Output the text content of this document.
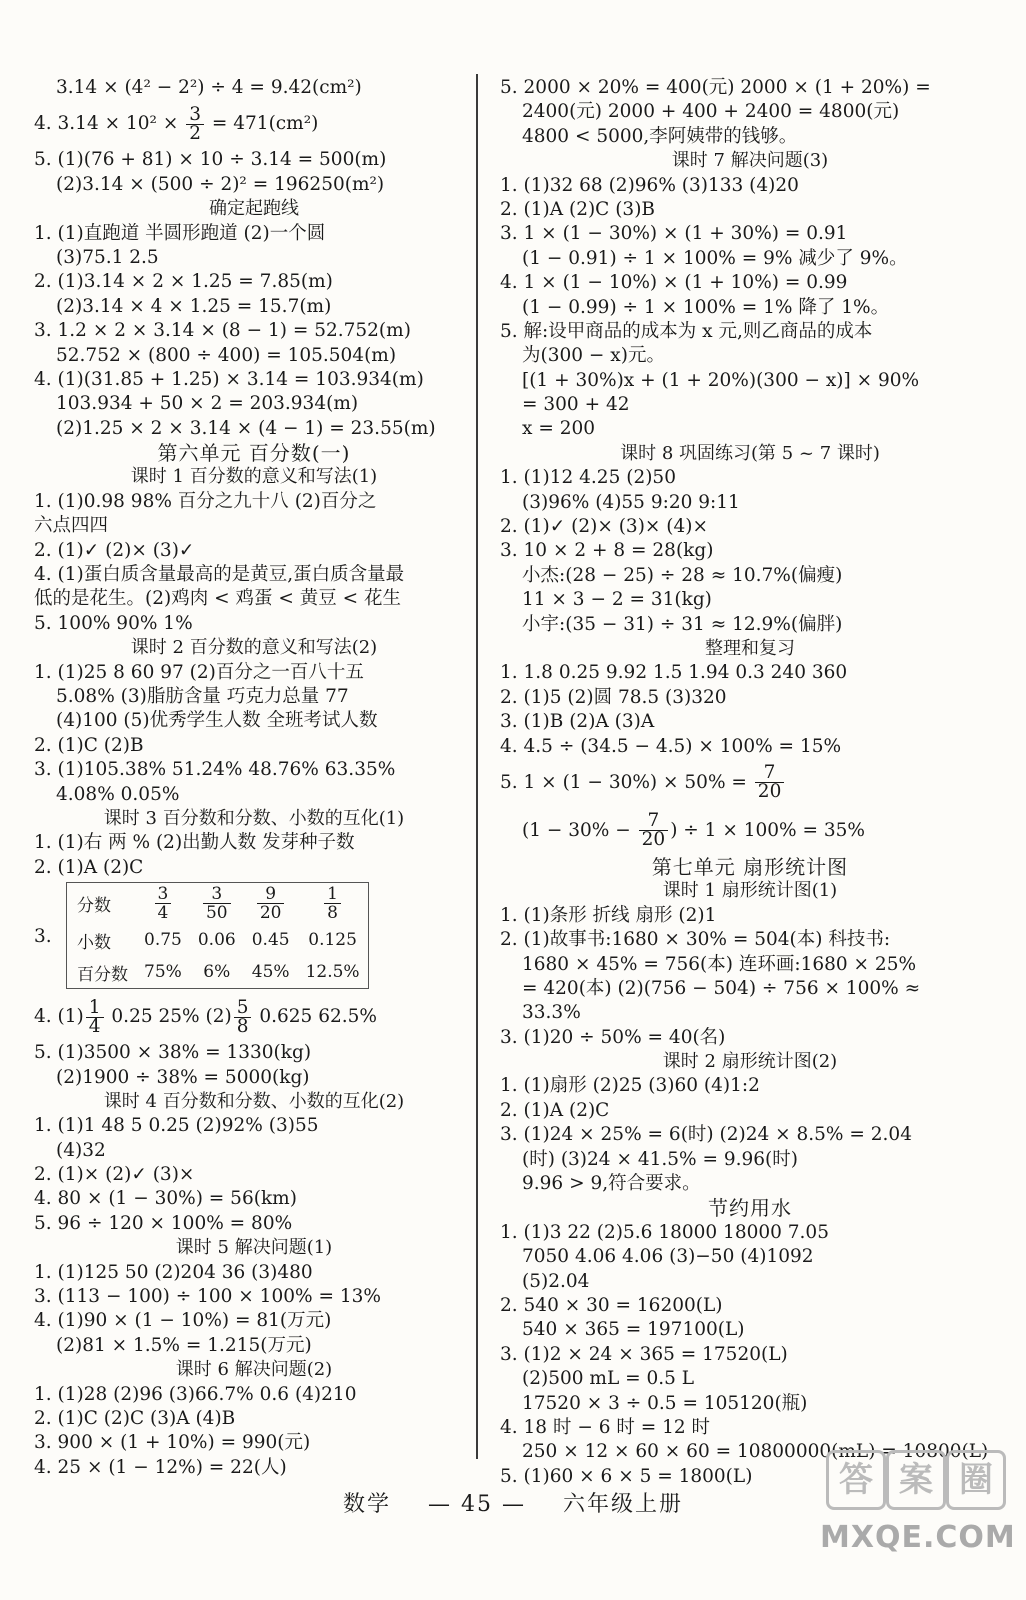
3.14 × (4² − 2²) ÷ 4 = 9.42(cm²)
4. $3.14 \times 10^2 \times \frac{3}{2} = 471(cm^2)$
5. (1)(76 + 81) × 10 ÷ 3.14 = 500(m)
(2)3.14 × (500 ÷ 2)² = 196250(m²)
确定起跑线
1. (1)直跑道 半圆形跑道 (2)一个圆
(3)75.1 2.5
2. (1)3.14 × 2 × 1.25 = 7.85(m)
(2)3.14 × 4 × 1.25 = 15.7(m)
3. 1.2 × 2 × 3.14 × (8 − 1) = 52.752(m)
52.752 × (800 ÷ 400) = 105.504(m)
4. (1)(31.85 + 1.25) × 3.14 = 103.934(m)
103.934 + 50 × 2 = 203.934(m)
(2)1.25 × 2 × 3.14 × (4 − 1) = 23.55(m)
第六单元 百分数(一)
课时 1 百分数的意义和写法(1)
1. (1)0.98 98% 百分之九十八 (2)百分之
六点四四
2. (1)✓ (2)× (3)✓
4. (1)蛋白质含量最高的是黄豆,蛋白质含量最
低的是花生。(2)鸡肉 < 鸡蛋 < 黄豆 < 花生
5. 100% 90% 1%
课时 2 百分数的意义和写法(2)
1. (1)25 8 60 97 (2)百分之一百八十五
5.08% (3)脂肪含量 巧克力总量 77
(4)100 (5)优秀学生人数 全班考试人数
2. (1)C (2)B
3. (1)105.38% 51.24% 48.76% 63.35%
4.08% 0.05%
课时 3 百分数和分数、小数的互化(1)
1. (1)右 两 % (2)出勤人数 发芽种子数
2. (1)A (2)C
3.
分数	$\frac{3}{4}$	$\frac{3}{50}$	$\frac{9}{20}$	$\frac{1}{8}$

小数	0.75	0.06	0.45	0.125
百分数	75%	6%	45%	12.5%
4. $(1) \frac{1}{4} 0.25$ 25% $(2) \frac{5}{8} 0.625$ 62.5%
5. (1)3500 × 38% = 1330(kg)
(2)1900 ÷ 38% = 5000(kg)
课时 4 百分数和分数、小数的互化(2)
1. (1)1 48 5 0.25 (2)92% (3)55
(4)32
2. (1)× (2)✓ (3)×
4. 80 × (1 − 30%) = 56(km)
5. 96 ÷ 120 × 100% = 80%
课时 5 解决问题(1)
1. (1)125 50 (2)204 36 (3)480
3. (113 − 100) ÷ 100 × 100% = 13%
4. (1)90 × (1 − 10%) = 81(万元)
(2)81 × 1.5% = 1.215(万元)
课时 6 解决问题(2)
1. (1)28 (2)96 (3)66.7% 0.6 (4)210
2. (1)C (2)C (3)A (4)B
3. 900 × (1 + 10%) = 990(元)
4. 25 × (1 − 12%) = 22(人)
5. 2000 × 20% = 400(元) 2000 × (1 + 20%) =
2400(元) 2000 + 400 + 2400 = 4800(元)
4800 < 5000,李阿姨带的钱够。
课时 7 解决问题(3)
1. (1)32 68 (2)96% (3)133 (4)20
2. (1)A (2)C (3)B
3. 1 × (1 − 30%) × (1 + 30%) = 0.91
(1 − 0.91) ÷ 1 × 100% = 9% 减少了 9%。
4. 1 × (1 − 10%) × (1 + 10%) = 0.99
(1 − 0.99) ÷ 1 × 100% = 1% 降了 1%。
5. 解:设甲商品的成本为 x 元,则乙商品的成本
为(300 − x)元。
[(1 + 30%)x + (1 + 20%)(300 − x)] × 90%
= 300 + 42
x = 200
课时 8 巩固练习(第 5 ~ 7 课时)
1. (1)12 4.25 (2)50
(3)96% (4)55 9:20 9:11
2. (1)✓ (2)× (3)× (4)×
3. 10 × 2 + 8 = 28(kg)
小杰:(28 − 25) ÷ 28 ≈ 10.7%(偏瘦)
11 × 3 − 2 = 31(kg)
小宇:(35 − 31) ÷ 31 ≈ 12.9%(偏胖)
整理和复习
1. 1.8 0.25 9.92 1.5 1.94 0.3 240 360
2. (1)5 (2)圆 78.5 (3)320
3. (1)B (2)A (3)A
4. 4.5 ÷ (34.5 − 4.5) × 100% = 15%
5. $1 \times (1 - 30\%) \times 50\% = \frac{7}{20}$
($1 - 30\% - \frac{7}{20}$ ) ÷ 1 × 100% = 35%
第七单元 扇形统计图
课时 1 扇形统计图(1)
1. (1)条形 折线 扇形 (2)1
2. (1)故事书:1680 × 30% = 504(本) 科技书:
1680 × 45% = 756(本) 连环画:1680 × 25%
= 420(本) (2)(756 − 504) ÷ 756 × 100% ≈
33.3%
3. (1)20 ÷ 50% = 40(名)
课时 2 扇形统计图(2)
1. (1)扇形 (2)25 (3)60 (4)1:2
2. (1)A (2)C
3. (1)24 × 25% = 6(时) (2)24 × 8.5% = 2.04
(时) (3)24 × 41.5% = 9.96(时)
9.96 > 9,符合要求。
节约用水
1. (1)3 22 (2)5.6 18000 18000 7.05
7050 4.06 4.06 (3)−50 (4)1092
(5)2.04
2. 540 × 30 = 16200(L)
540 × 365 = 197100(L)
3. (1)2 × 24 × 365 = 17520(L)
(2)500 mL = 0.5 L
17520 × 3 ÷ 0.5 = 105120(瓶)
4. 18 时 − 6 时 = 12 时
250 × 12 × 60 × 60 = 10800000(mL) = 10800(L)
5. (1)60 × 6 × 5 = 1800(L)
数学 — 45 — 六年级上册
答 案 圈
MXQE.COM
